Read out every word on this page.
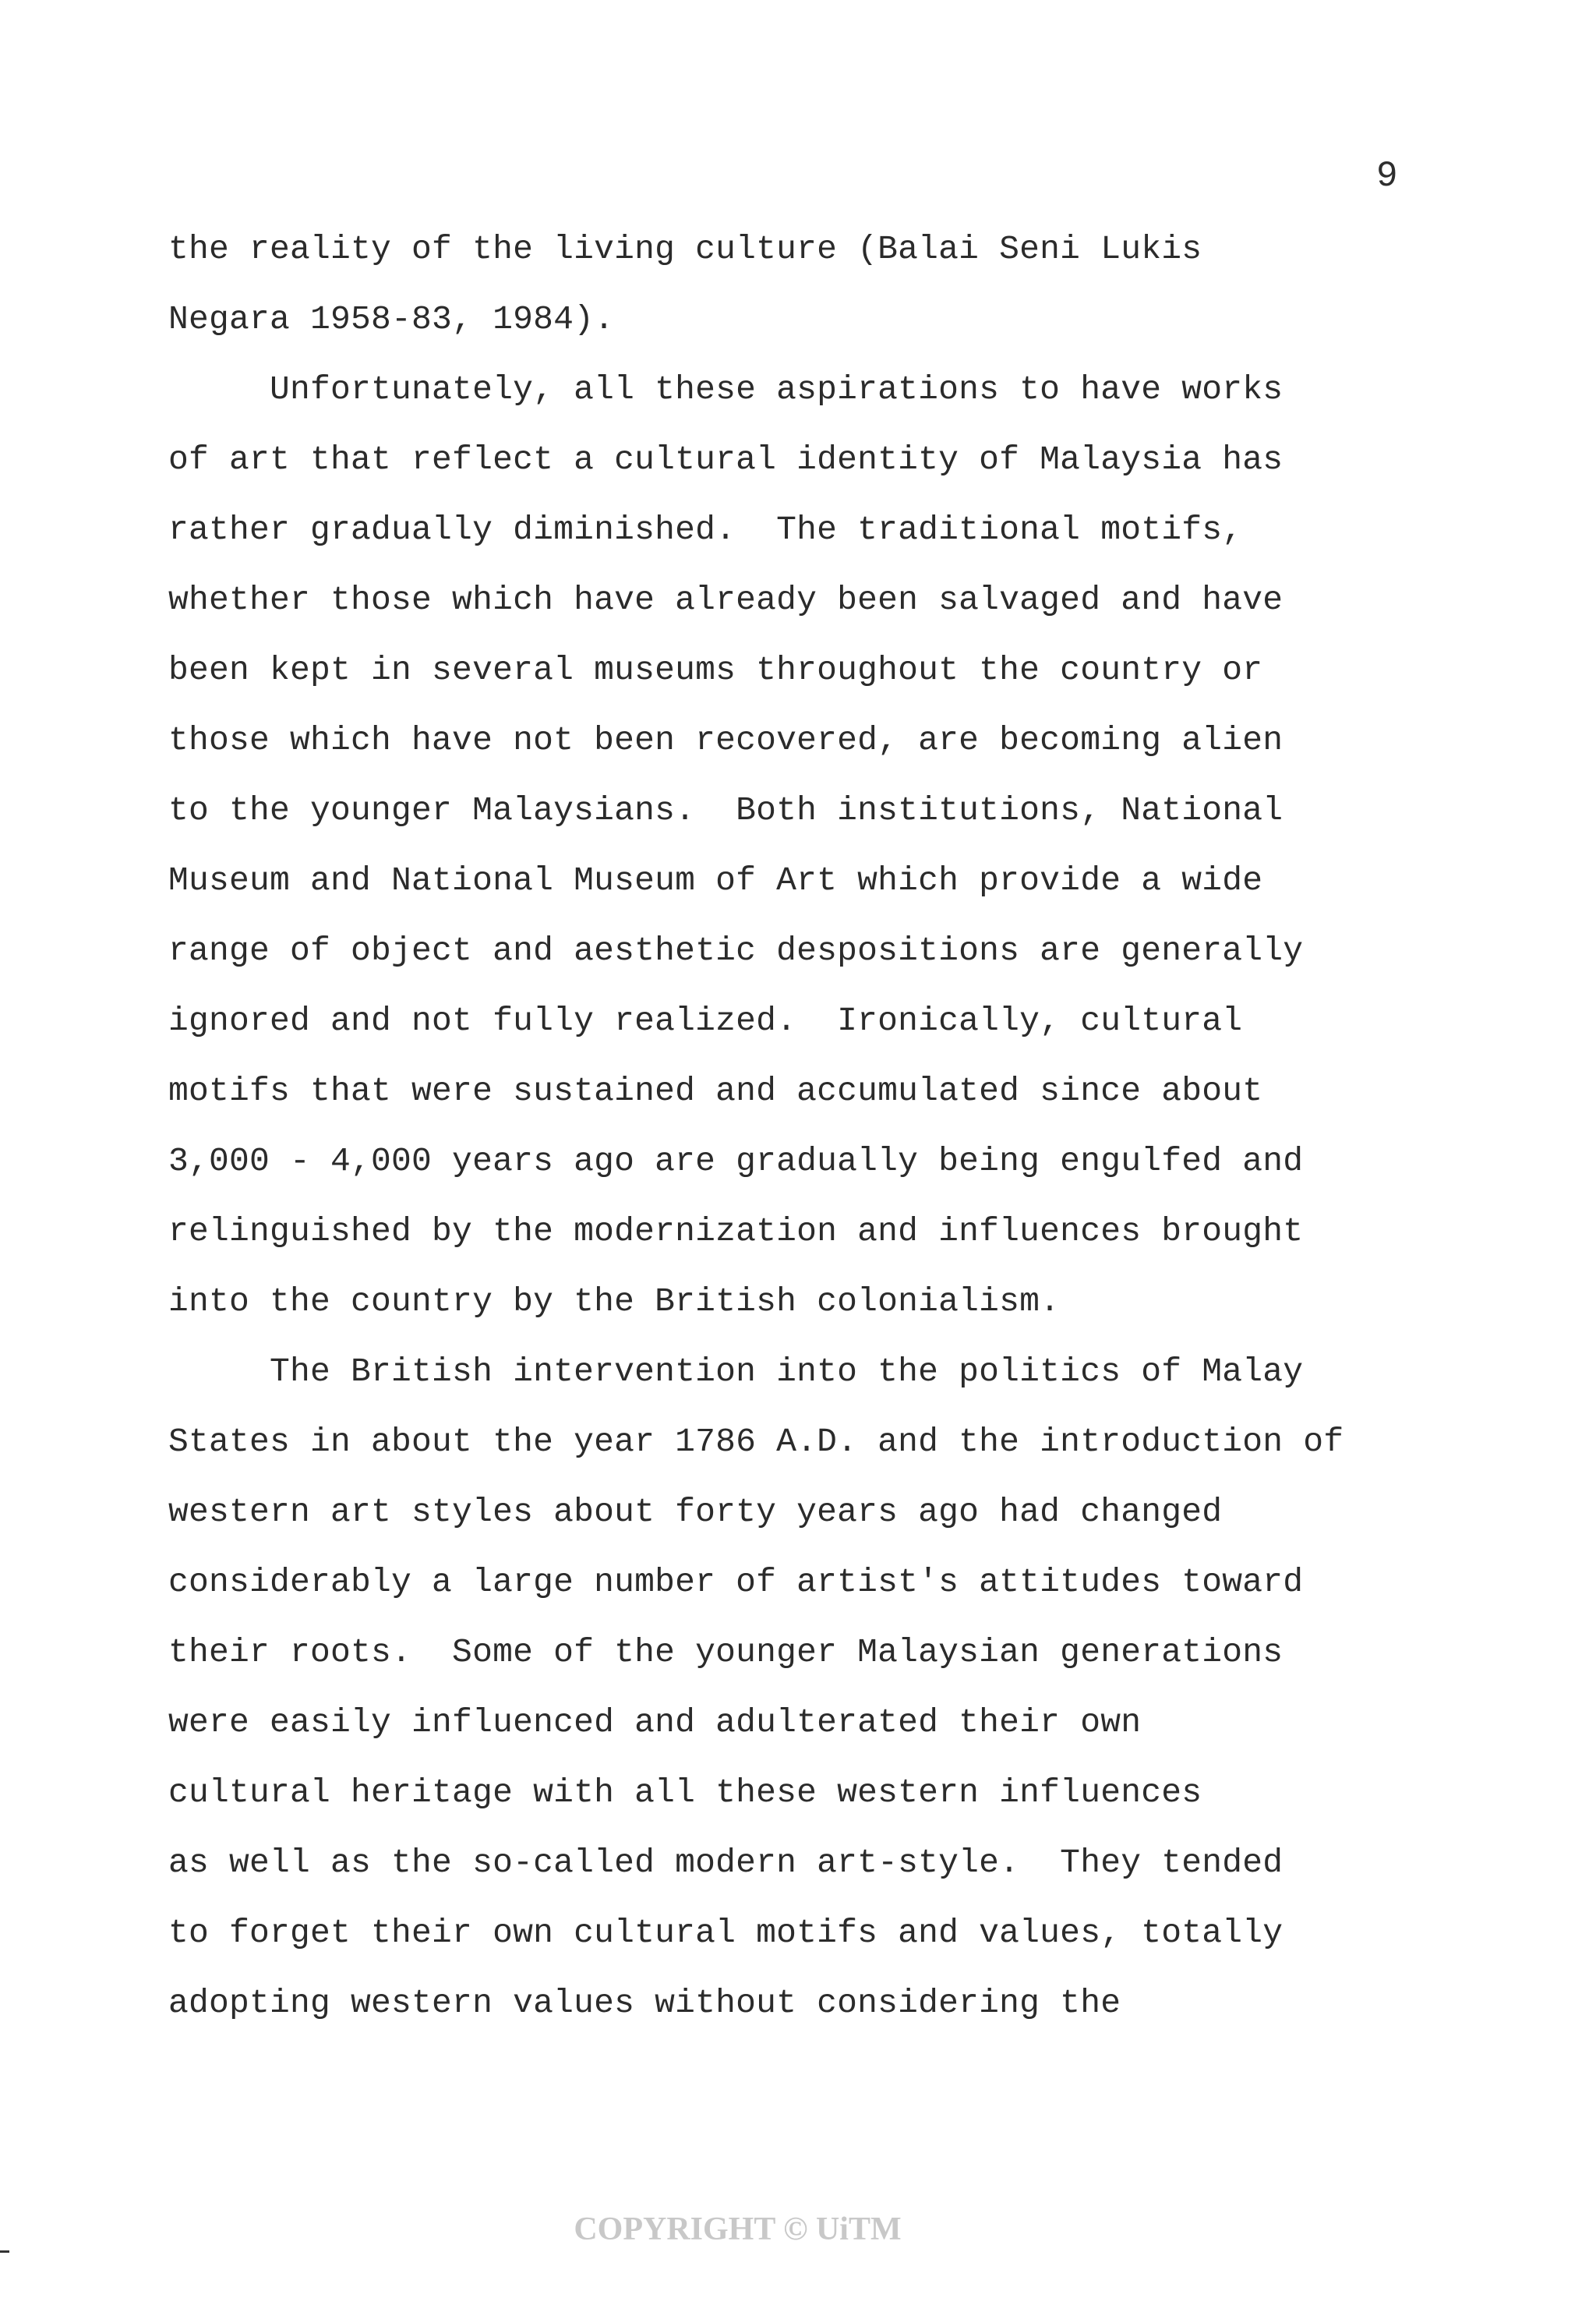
9
the reality of the living culture (Balai Seni Lukis
Negara 1958-83, 1984).
Unfortunately, all these aspirations to have works
of art that reflect a cultural identity of Malaysia has
rather gradually diminished.  The traditional motifs,
whether those which have already been salvaged and have
been kept in several museums throughout the country or
those which have not been recovered, are becoming alien
to the younger Malaysians.  Both institutions, National
Museum and National Museum of Art which provide a wide
range of object and aesthetic despositions are generally
ignored and not fully realized.  Ironically, cultural
motifs that were sustained and accumulated since about
3,000 - 4,000 years ago are gradually being engulfed and
relinguished by the modernization and influences brought
into the country by the British colonialism.
The British intervention into the politics of Malay
States in about the year 1786 A.D. and the introduction of
western art styles about forty years ago had changed
considerably a large number of artist's attitudes toward
their roots.  Some of the younger Malaysian generations
were easily influenced and adulterated their own
cultural heritage with all these western influences
as well as the so-called modern art-style.  They tended
to forget their own cultural motifs and values, totally
adopting western values without considering the
COPYRIGHT © UiTM
